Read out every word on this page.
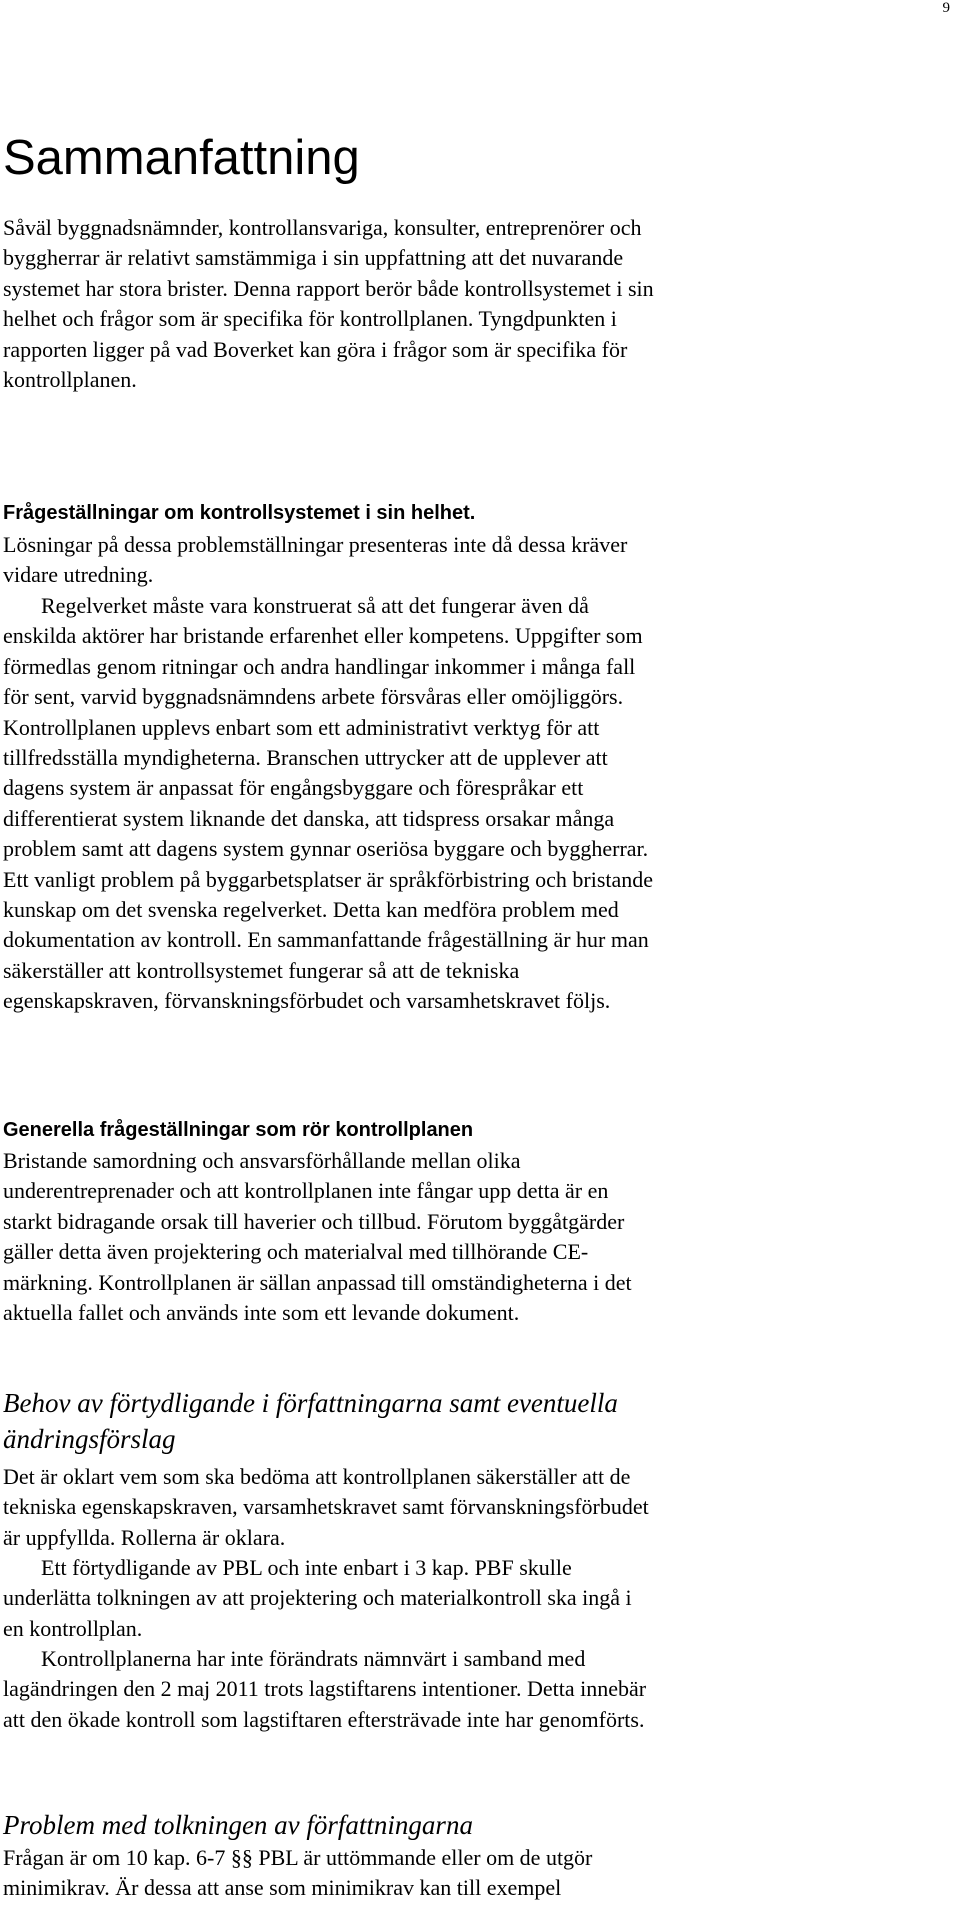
9
Sammanfattning

Såväl byggnadsnämnder, kontrollansvariga, konsulter, entreprenörer och

byggherrar är relativt samstämmiga i sin uppfattning att det nuvarande

systemet har stora brister. Denna rapport berör både kontrollsystemet i sin

helhet och frågor som är specifika för kontrollplanen. Tyngdpunkten i

rapporten ligger på vad Boverket kan göra i frågor som är specifika för

kontrollplanen.

Frågeställningar om kontrollsystemet i sin helhet.

Lösningar på dessa problemställningar presenteras inte då dessa kräver

vidare utredning.

Regelverket måste vara konstruerat så att det fungerar även då

enskilda aktörer har bristande erfarenhet eller kompetens. Uppgifter som

förmedlas genom ritningar och andra handlingar inkommer i många fall

för sent, varvid byggnadsnämndens arbete försvåras eller omöjliggörs.

Kontrollplanen upplevs enbart som ett administrativt verktyg för att

tillfredsställa myndigheterna. Branschen uttrycker att de upplever att

dagens system är anpassat för engångsbyggare och förespråkar ett

differentierat system liknande det danska, att tidspress orsakar många

problem samt att dagens system gynnar oseriösa byggare och byggherrar.

Ett vanligt problem på byggarbetsplatser är språkförbistring och bristande

kunskap om det svenska regelverket. Detta kan medföra problem med

dokumentation av kontroll. En sammanfattande frågeställning är hur man

säkerställer att kontrollsystemet fungerar så att de tekniska

egenskapskraven, förvanskningsförbudet och varsamhetskravet följs.

Generella frågeställningar som rör kontrollplanen

Bristande samordning och ansvarsförhållande mellan olika

underentreprenader och att kontrollplanen inte fångar upp detta är en

starkt bidragande orsak till haverier och tillbud. Förutom byggåtgärder

gäller detta även projektering och materialval med tillhörande CE-

märkning. Kontrollplanen är sällan anpassad till omständigheterna i det

aktuella fallet och används inte som ett levande dokument.

Behov av förtydligande i författningarna samt eventuella
ändringsförslag

Det är oklart vem som ska bedöma att kontrollplanen säkerställer att de

tekniska egenskapskraven, varsamhetskravet samt förvanskningsförbudet

är uppfyllda. Rollerna är oklara.

Ett förtydligande av PBL och inte enbart i 3 kap. PBF skulle

underlätta tolkningen av att projektering och materialkontroll ska ingå i

en kontrollplan.

Kontrollplanerna har inte förändrats nämnvärt i samband med

lagändringen den 2 maj 2011 trots lagstiftarens intentioner. Detta innebär

att den ökade kontroll som lagstiftaren eftersträvade inte har genomförts.

Problem med tolkningen av författningarna

Frågan är om 10 kap. 6-7 §§ PBL är uttömmande eller om de utgör

minimikrav. Är dessa att anse som minimikrav kan till exempel
